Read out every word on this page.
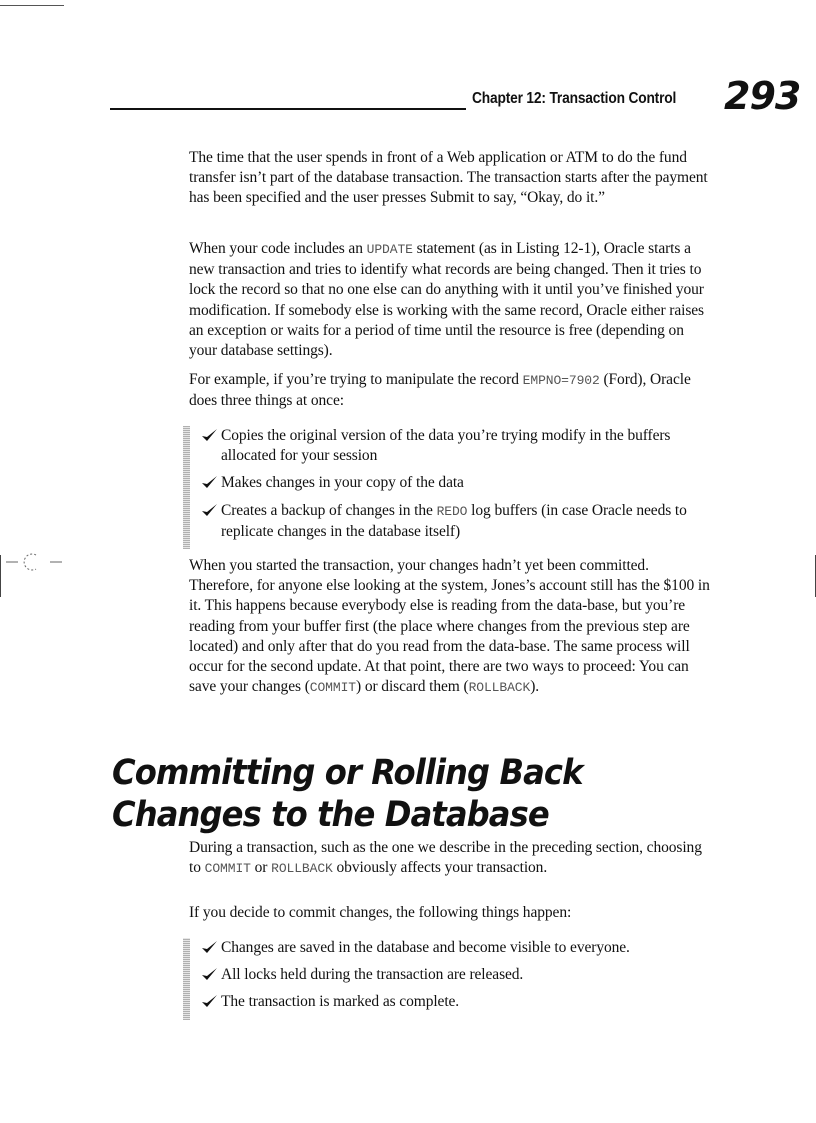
Chapter 12: Transaction Control 293

The time that the user spends in front of a Web application or ATM to do the fund transfer isn’t part of the database transaction. The transaction starts after the payment has been specified and the user presses Submit to say, “Okay, do it.”

When your code includes an UPDATE statement (as in Listing 12-1), Oracle starts a new transaction and tries to identify what records are being changed. Then it tries to lock the record so that no one else can do anything with it until you’ve finished your modification. If somebody else is working with the same record, Oracle either raises an exception or waits for a period of time until the resource is free (depending on your database settings).

For example, if you’re trying to manipulate the record EMPNO=7902 (Ford), Oracle does three things at once:

Copies the original version of the data you’re trying modify in the buffers allocated for your session
Makes changes in your copy of the data
Creates a backup of changes in the REDO log buffers (in case Oracle needs to replicate changes in the database itself)

When you started the transaction, your changes hadn’t yet been committed. Therefore, for anyone else looking at the system, Jones’s account still has the $100 in it. This happens because everybody else is reading from the data-base, but you’re reading from your buffer first (the place where changes from the previous step are located) and only after that do you read from the data-base. The same process will occur for the second update. At that point, there are two ways to proceed: You can save your changes (COMMIT) or discard them (ROLLBACK).

Committing or Rolling Back
Changes to the Database

During a transaction, such as the one we describe in the preceding section, choosing to COMMIT or ROLLBACK obviously affects your transaction.

If you decide to commit changes, the following things happen:

Changes are saved in the database and become visible to everyone.
All locks held during the transaction are released.
The transaction is marked as complete.
